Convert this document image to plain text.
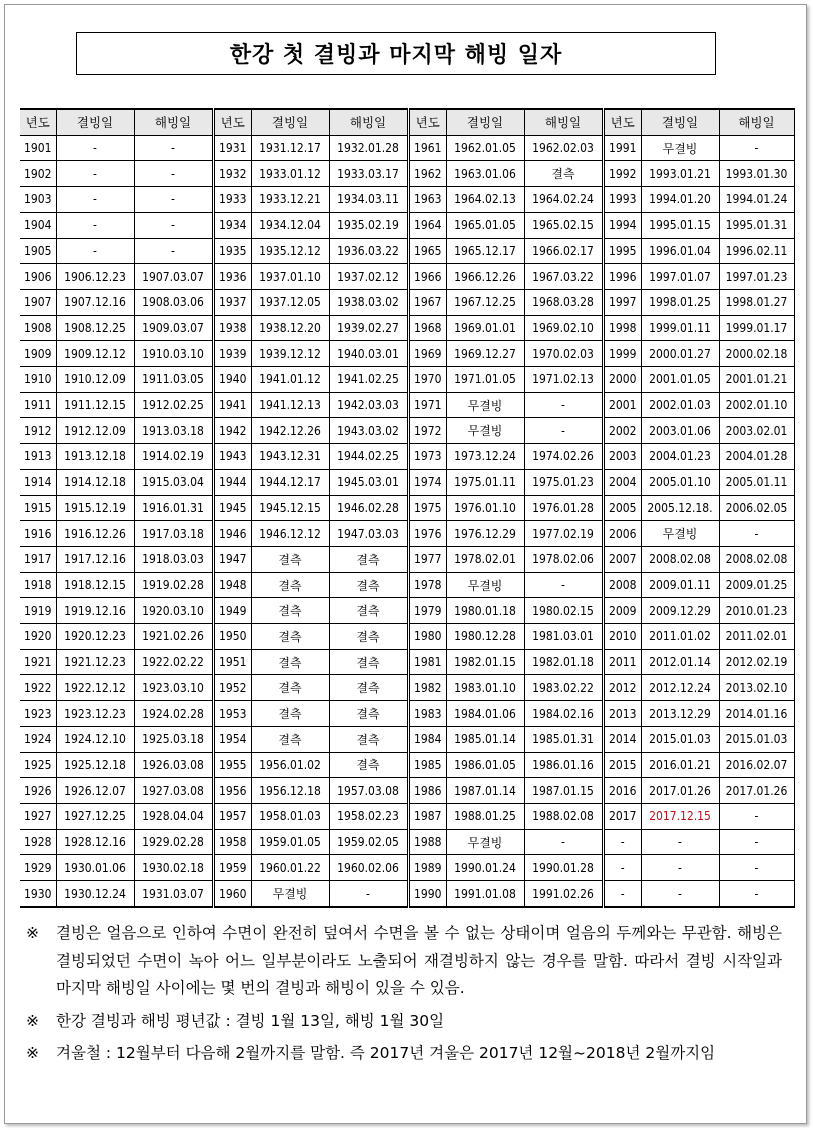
한강 첫 결빙과 마지막 해빙 일자
년도	결빙일	해빙일
1901	-	-
1902	-	-
1903	-	-
1904	-	-
1905	-	-
1906	1906.12.23	1907.03.07
1907	1907.12.16	1908.03.06
1908	1908.12.25	1909.03.07
1909	1909.12.12	1910.03.10
1910	1910.12.09	1911.03.05
1911	1911.12.15	1912.02.25
1912	1912.12.09	1913.03.18
1913	1913.12.18	1914.02.19
1914	1914.12.18	1915.03.04
1915	1915.12.19	1916.01.31
1916	1916.12.26	1917.03.18
1917	1917.12.16	1918.03.03
1918	1918.12.15	1919.02.28
1919	1919.12.16	1920.03.10
1920	1920.12.23	1921.02.26
1921	1921.12.23	1922.02.22
1922	1922.12.12	1923.03.10
1923	1923.12.23	1924.02.28
1924	1924.12.10	1925.03.18
1925	1925.12.18	1926.03.08
1926	1926.12.07	1927.03.08
1927	1927.12.25	1928.04.04
1928	1928.12.16	1929.02.28
1929	1930.01.06	1930.02.18
1930	1930.12.24	1931.03.07
년도	결빙일	해빙일
1931	1931.12.17	1932.01.28
1932	1933.01.12	1933.03.17
1933	1933.12.21	1934.03.11
1934	1934.12.04	1935.02.19
1935	1935.12.12	1936.03.22
1936	1937.01.10	1937.02.12
1937	1937.12.05	1938.03.02
1938	1938.12.20	1939.02.27
1939	1939.12.12	1940.03.01
1940	1941.01.12	1941.02.25
1941	1941.12.13	1942.03.03
1942	1942.12.26	1943.03.02
1943	1943.12.31	1944.02.25
1944	1944.12.17	1945.03.01
1945	1945.12.15	1946.02.28
1946	1946.12.12	1947.03.03
1947	결측	결측
1948	결측	결측
1949	결측	결측
1950	결측	결측
1951	결측	결측
1952	결측	결측
1953	결측	결측
1954	결측	결측
1955	1956.01.02	결측
1956	1956.12.18	1957.03.08
1957	1958.01.03	1958.02.23
1958	1959.01.05	1959.02.05
1959	1960.01.22	1960.02.06
1960	무결빙	-
년도	결빙일	해빙일
1961	1962.01.05	1962.02.03
1962	1963.01.06	결측
1963	1964.02.13	1964.02.24
1964	1965.01.05	1965.02.15
1965	1965.12.17	1966.02.17
1966	1966.12.26	1967.03.22
1967	1967.12.25	1968.03.28
1968	1969.01.01	1969.02.10
1969	1969.12.27	1970.02.03
1970	1971.01.05	1971.02.13
1971	무결빙	-
1972	무결빙	-
1973	1973.12.24	1974.02.26
1974	1975.01.11	1975.01.23
1975	1976.01.10	1976.01.28
1976	1976.12.29	1977.02.19
1977	1978.02.01	1978.02.06
1978	무결빙	-
1979	1980.01.18	1980.02.15
1980	1980.12.28	1981.03.01
1981	1982.01.15	1982.01.18
1982	1983.01.10	1983.02.22
1983	1984.01.06	1984.02.16
1984	1985.01.14	1985.01.31
1985	1986.01.05	1986.01.16
1986	1987.01.14	1987.01.15
1987	1988.01.25	1988.02.08
1988	무결빙	-
1989	1990.01.24	1990.01.28
1990	1991.01.08	1991.02.26
년도	결빙일	해빙일
1991	무결빙	-
1992	1993.01.21	1993.01.30
1993	1994.01.20	1994.01.24
1994	1995.01.15	1995.01.31
1995	1996.01.04	1996.02.11
1996	1997.01.07	1997.01.23
1997	1998.01.25	1998.01.27
1998	1999.01.11	1999.01.17
1999	2000.01.27	2000.02.18
2000	2001.01.05	2001.01.21
2001	2002.01.03	2002.01.10
2002	2003.01.06	2003.02.01
2003	2004.01.23	2004.01.28
2004	2005.01.10	2005.01.11
2005	2005.12.18.	2006.02.05
2006	무결빙	-
2007	2008.02.08	2008.02.08
2008	2009.01.11	2009.01.25
2009	2009.12.29	2010.01.23
2010	2011.01.02	2011.02.01
2011	2012.01.14	2012.02.19
2012	2012.12.24	2013.02.10
2013	2013.12.29	2014.01.16
2014	2015.01.03	2015.01.03
2015	2016.01.21	2016.02.07
2016	2017.01.26	2017.01.26
2017	2017.12.15	-
-	-	-
-	-	-
-	-	-
※ 결빙은 얼음으로 인하여 수면이 완전히 덮여서 수면을 볼 수 없는 상태이며 얼음의 두께와는 무관함. 해빙은 결빙되었던 수면이 녹아 어느 일부분이라도 노출되어 재결빙하지 않는 경우를 말함. 따라서 결빙 시작일과 마지막 해빙일 사이에는 몇 번의 결빙과 해빙이 있을 수 있음.
※ 한강 결빙과 해빙 평년값 : 결빙 1월 13일, 해빙 1월 30일
※ 겨울철 : 12월부터 다음해 2월까지를 말함. 즉 2017년 겨울은 2017년 12월~2018년 2월까지임
